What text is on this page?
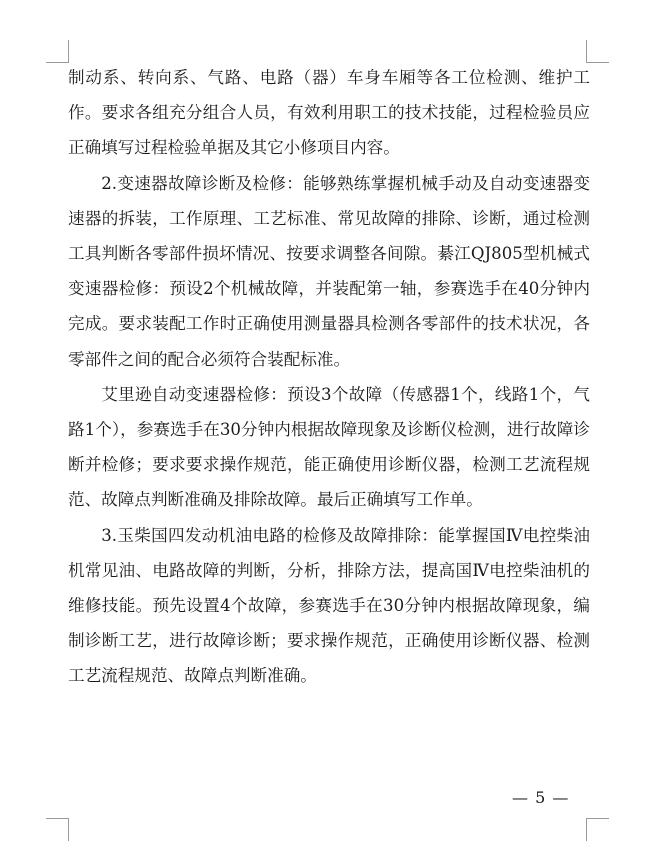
制动系、转向系、气路、电路（器）车身车厢等各工位检测、维护工作。要求各组充分组合人员，有效利用职工的技术技能，过程检验员应正确填写过程检验单据及其它小修项目内容。

2.变速器故障诊断及检修：能够熟练掌握机械手动及自动变速器变速器的拆装，工作原理、工艺标准、常见故障的排除、诊断，通过检测工具判断各零部件损坏情况、按要求调整各间隙。綦江QJ805型机械式变速器检修：预设2个机械故障，并装配第一轴，参赛选手在40分钟内完成。要求装配工作时正确使用测量器具检测各零部件的技术状况，各零部件之间的配合必须符合装配标准。

艾里逊自动变速器检修：预设3个故障（传感器1个，线路1个，气路1个），参赛选手在30分钟内根据故障现象及诊断仪检测，进行故障诊断并检修；要求要求操作规范，能正确使用诊断仪器，检测工艺流程规范、故障点判断准确及排除故障。最后正确填写工作单。

3.玉柴国四发动机油电路的检修及故障排除：能掌握国Ⅳ电控柴油机常见油、电路故障的判断，分析，排除方法，提高国Ⅳ电控柴油机的维修技能。预先设置4个故障，参赛选手在30分钟内根据故障现象，编制诊断工艺，进行故障诊断；要求操作规范，正确使用诊断仪器、检测工艺流程规范、故障点判断准确。

— 5 —
